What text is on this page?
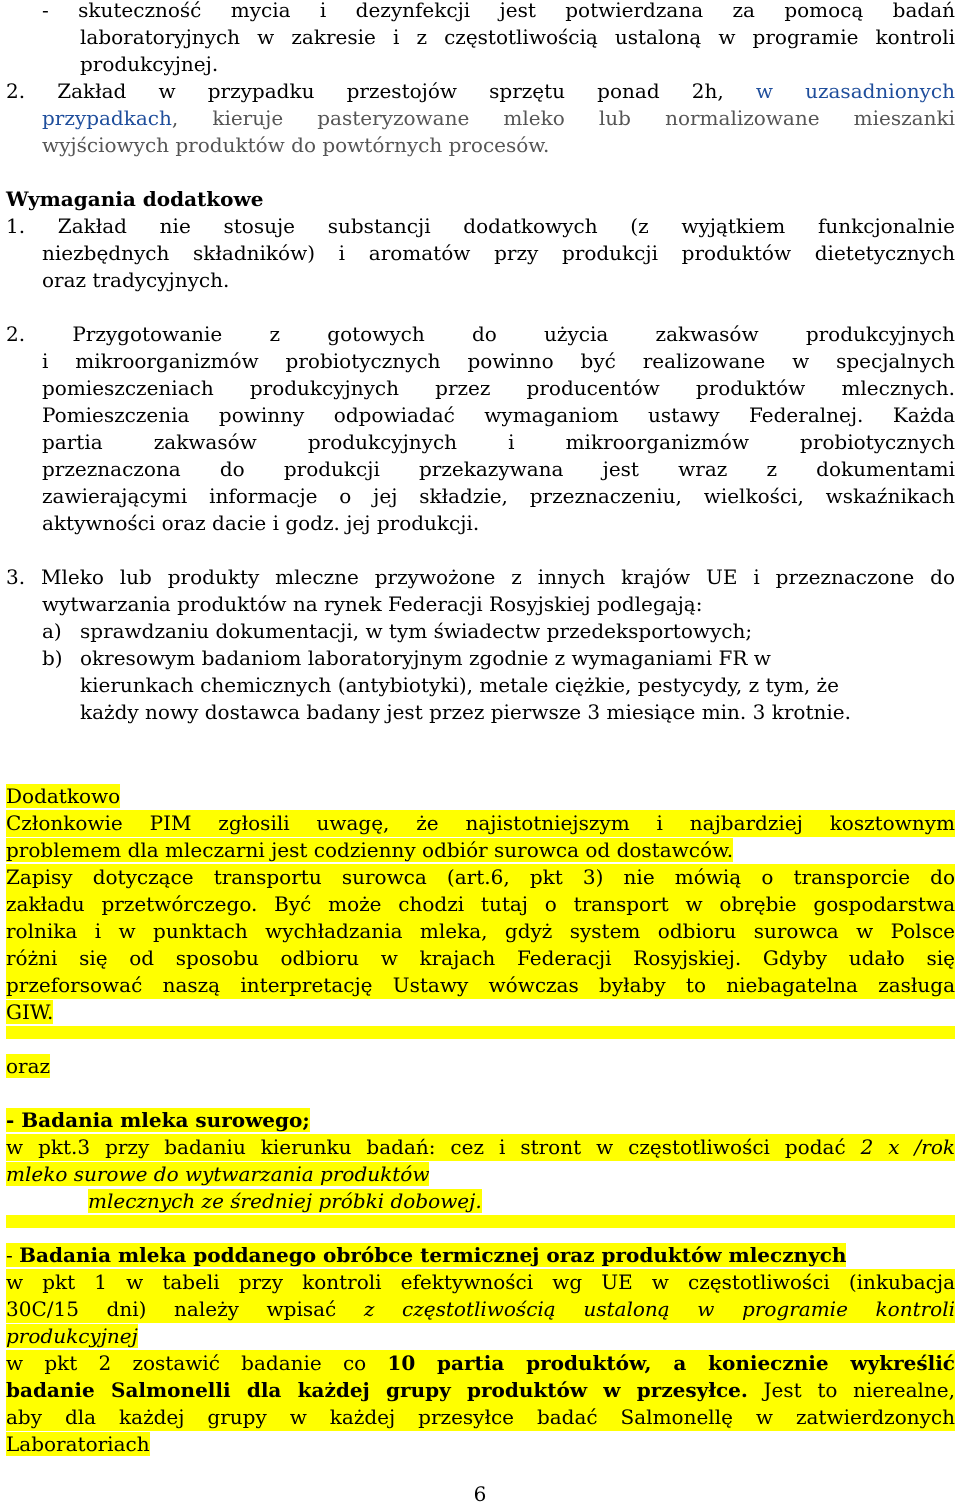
- skuteczność mycia i dezynfekcji jest potwierdzana za pomocą badań
laboratoryjnych w zakresie i z częstotliwością ustaloną w programie kontroli
produkcyjnej.
2. Zakład w przypadku przestojów sprzętu ponad 2h, w uzasadnionych
przypadkach, kieruje pasteryzowane mleko lub normalizowane mieszanki
wyjściowych produktów do powtórnych procesów.
Wymagania dodatkowe
1. Zakład nie stosuje substancji dodatkowych (z wyjątkiem funkcjonalnie
niezbędnych składników) i aromatów przy produkcji produktów dietetycznych
oraz tradycyjnych.
2. Przygotowanie z gotowych do użycia zakwasów produkcyjnych
i mikroorganizmów probiotycznych powinno być realizowane w specjalnych
pomieszczeniach produkcyjnych przez producentów produktów mlecznych.
Pomieszczenia powinny odpowiadać wymaganiom ustawy Federalnej. Każda
partia zakwasów produkcyjnych i mikroorganizmów probiotycznych
przeznaczona do produkcji przekazywana jest wraz z dokumentami
zawierającymi informacje o jej składzie, przeznaczeniu, wielkości, wskaźnikach
aktywności oraz dacie i godz. jej produkcji.
3. Mleko lub produkty mleczne przywożone z innych krajów UE i przeznaczone do
wytwarzania produktów na rynek Federacji Rosyjskiej podlegają:
a) sprawdzaniu dokumentacji, w tym świadectw przedeksportowych;
b) okresowym badaniom laboratoryjnym zgodnie z wymaganiami FR w
kierunkach chemicznych (antybiotyki), metale ciężkie, pestycydy, z tym, że
każdy nowy dostawca badany jest przez pierwsze 3 miesiące min. 3 krotnie.
Dodatkowo
Członkowie PIM zgłosili uwagę, że najistotniejszym i najbardziej kosztownym
problemem dla mleczarni jest codzienny odbiór surowca od dostawców.
Zapisy dotyczące transportu surowca (art.6, pkt 3) nie mówią o transporcie do
zakładu przetwórczego. Być może chodzi tutaj o transport w obrębie gospodarstwa
rolnika i w punktach wychładzania mleka, gdyż system odbioru surowca w Polsce
różni się od sposobu odbioru w krajach Federacji Rosyjskiej. Gdyby udało się
przeforsować naszą interpretację Ustawy wówczas byłaby to niebagatelna zasługa
GIW.
oraz
- Badania mleka surowego;
w pkt.3 przy badaniu kierunku badań: cez i stront w częstotliwości podać 2 x /rok
mleko surowe do wytwarzania produktów
mlecznych ze średniej próbki dobowej.
- Badania mleka poddanego obróbce termicznej oraz produktów mlecznych
w pkt 1 w tabeli przy kontroli efektywności wg UE w częstotliwości (inkubacja
30C/15 dni) należy wpisać z częstotliwością ustaloną w programie kontroli
produkcyjnej
w pkt 2 zostawić badanie co 10 partia produktów, a koniecznie wykreślić
badanie Salmonelli dla każdej grupy produktów w przesyłce. Jest to nierealne,
aby dla każdej grupy w każdej przesyłce badać Salmonellę w zatwierdzonych
Laboratoriach
6
